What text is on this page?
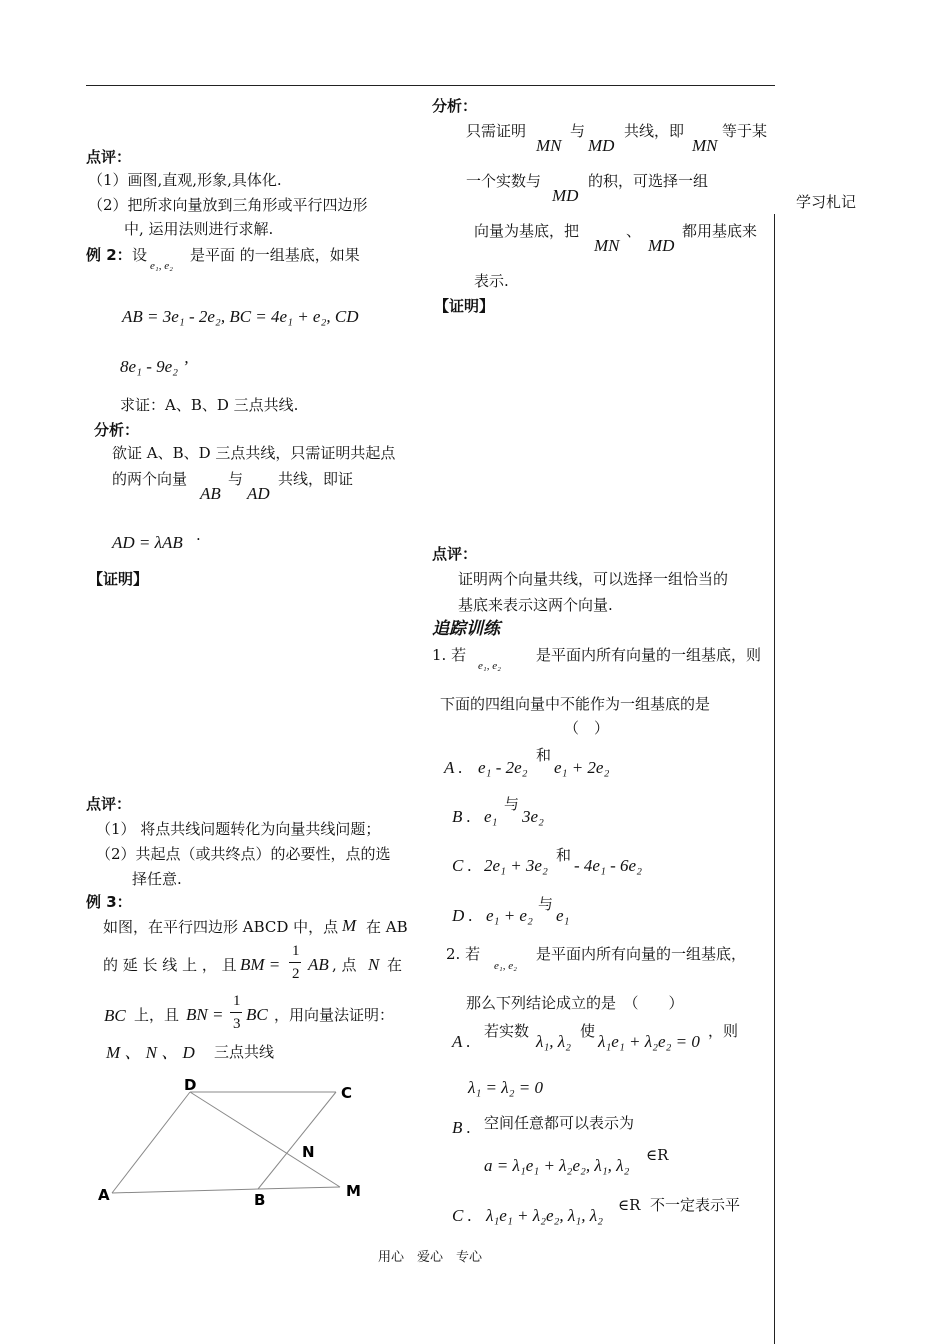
学习札记
点评：
（1）画图,直观,形象,具体化.
（2）把所求向量放到三角形或平行四边形
中, 运用法则进行求解.
例 2： 设
e₁, e₂
是平面 的一组基底，如果
AB = 3e₁ - 2e₂, BC = 4e₁ + e₂, CD
8e₁ - 9e₂ ’
求证：A、B、D 三点共线.
分析：
欲证 A、B、D 三点共线，只需证明共起点
的两个向量
AB
与
AD
共线，即证
AD = λAB .
【证明】
点评：
（1） 将点共线问题转化为向量共线问题；
（2）共起点（或共终点）的必要性，点的选
择任意.
例 3：
如图，在平行四边形 ABCD 中，点 M 在 AB
的 延 长 线 上 ， 且 BM =
1
2 AB , 点 N 在
BC 上，且 BN =
1
3 BC ，用向量法证明：
M 、 N 、 D 三点共线
D	C
N
A	B	M
分析：
只需证明
MN
与
MD
共线，即
MN
等于某
一个实数与
MD
的积，可选择一组
向量为基底，把
MN
、
MD
都用基底来
表示.
【证明】
点评：
证明两个向量共线，可以选择一组恰当的
基底来表示这两个向量.
追踪训练
1. 若
e₁, e₂
是平面内所有向量的一组基底，则
下面的四组向量中不能作为一组基底的是
（　）
A . e₁ - 2e₂
和
e₁ + 2e₂
B . e₁
与
3e₂
C . 2e₁ + 3e₂
和
- 4e₁ - 6e₂
D . e₁ + e₂
与
e₁
2. 若
e₁, e₂
是平面内所有向量的一组基底，
那么下列结论成立的是　（　　）
A .
若实数
λ₁, λ₂
使
λ₁e₁ + λ₂e₂ = 0
，则
λ₁ = λ₂ = 0
B . 空间任意都可以表示为
a = λ₁e₁ + λ₂e₂, λ₁, λ₂
∈R
C . λ₁e₁ + λ₂e₂, λ₁, λ₂
∈R 不一定表示平
用心　爱心　专心
